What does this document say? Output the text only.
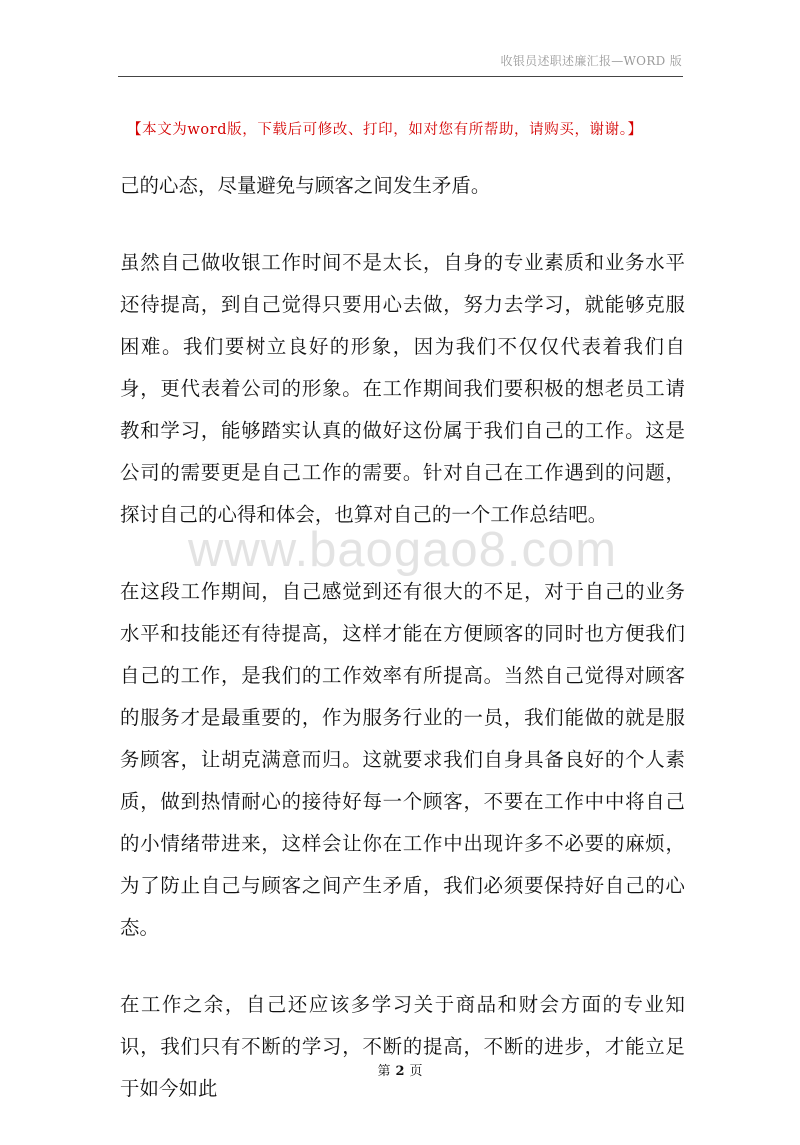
收银员述职述廉汇报—WORD 版
【本文为word版，下载后可修改、打印，如对您有所帮助，请购买，谢谢。】

己的心态，尽量避免与顾客之间发生矛盾。

虽然自己做收银工作时间不是太长，自身的专业素质和业务水平还待提高，到自己觉得只要用心去做，努力去学习，就能够克服困难。我们要树立良好的形象，因为我们不仅仅代表着我们自身，更代表着公司的形象。在工作期间我们要积极的想老员工请教和学习，能够踏实认真的做好这份属于我们自己的工作。这是公司的需要更是自己工作的需要。针对自己在工作遇到的问题，探讨自己的心得和体会，也算对自己的一个工作总结吧。

在这段工作期间，自己感觉到还有很大的不足，对于自己的业务水平和技能还有待提高，这样才能在方便顾客的同时也方便我们自己的工作，是我们的工作效率有所提高。当然自己觉得对顾客的服务才是最重要的，作为服务行业的一员，我们能做的就是服务顾客，让胡克满意而归。这就要求我们自身具备良好的个人素质，做到热情耐心的接待好每一个顾客，不要在工作中中将自己的小情绪带进来，这样会让你在工作中出现许多不必要的麻烦，为了防止自己与顾客之间产生矛盾，我们必须要保持好自己的心态。

在工作之余，自己还应该多学习关于商品和财会方面的专业知识，我们只有不断的学习，不断的提高，不断的进步，才能立足于如今如此

www.baogao8.com
第 2 页
